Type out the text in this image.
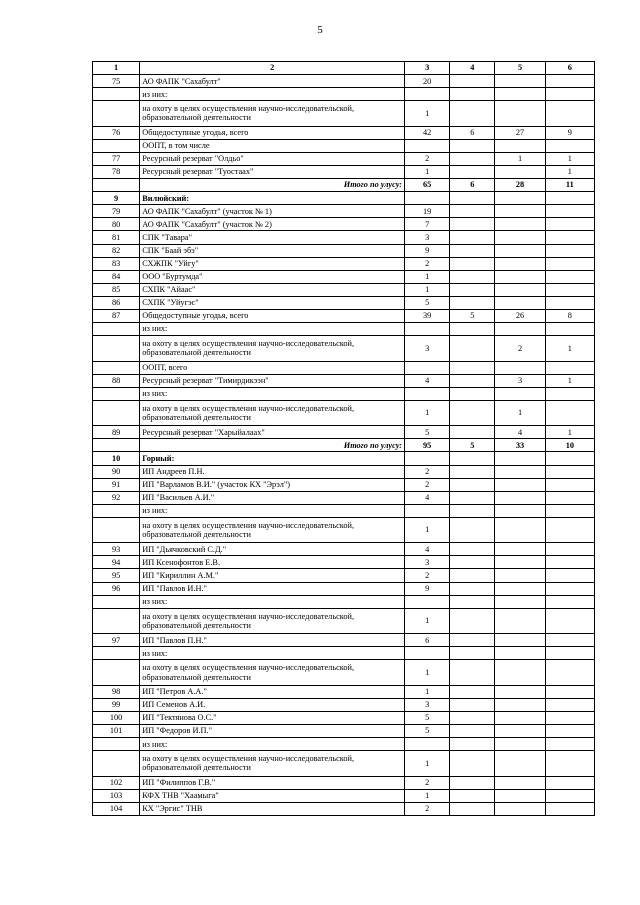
5
1	2	3	4	5	6
75	АО ФАПК "Сахабулт"	20			
	из них:				
	на охоту в целях осуществления научно-исследовательской, образовательной деятельности	1			
76	Общедоступные угодья, всего	42	6	27	9
	ООПТ, в том числе				
77	Ресурсный резерват "Олдьо"	2		1	1
78	Ресурсный резерват "Туостаах"	1			1
	Итого по улусу:	65	6	28	11
9	Вилюйский:				
79	АО ФАПК "Сахабулт" (участок № 1)	19			
80	АО ФАПК "Сахабулт" (участок № 2)	7			
81	СПК "Тавара"	3			
82	СПК "Баай эбэ"	9			
83	СХЖПК "Уйгу"	2			
84	ООО "Буртумда"	1			
85	СХПК "Айаас"	1			
86	СХПК "Уйугэс"	5			
87	Общедоступные угодья, всего	39	5	26	8
	из них:				
	на охоту в целях осуществления научно-исследовательской, образовательной деятельности	3		2	1
	ООПТ, всего				
88	Ресурсный резерват "Тимирдикээн"	4		3	1
	из них:				
	на охоту в целях осуществления научно-исследовательской, образовательной деятельности	1		1	
89	Ресурсный резерват "Харыйалаах"	5		4	1
	Итого по улусу:	95	5	33	10
10	Горный:				
90	ИП Андреев П.Н.	2			
91	ИП "Варламов В.И." (участок КХ "Эрэл")	2			
92	ИП "Васильев А.И."	4			
	из них:				
	на охоту в целях осуществления научно-исследовательской, образовательной деятельности	1			
93	ИП "Дьячковский С.Д."	4			
94	ИП Ксенофонтов Е.В.	3			
95	ИП "Кириллин А.М."	2			
96	ИП "Павлов И.Н."	9			
	из них:				
	на охоту в целях осуществления научно-исследовательской, образовательной деятельности	1			
97	ИП "Павлов П.Н."	6			
	из них:				
	на охоту в целях осуществления научно-исследовательской, образовательной деятельности	1			
98	ИП "Петров А.А."	1			
99	ИП Семенов А.И.	3			
100	ИП "Тектянова О.С."	5			
101	ИП "Федоров И.П."	5			
	из них:				
	на охоту в целях осуществления научно-исследовательской, образовательной деятельности	1			
102	ИП "Филиппов Г.В."	2			
103	КФХ ТНВ "Хаамыга"	1			
104	КХ "Эргис" ТНВ	2			
